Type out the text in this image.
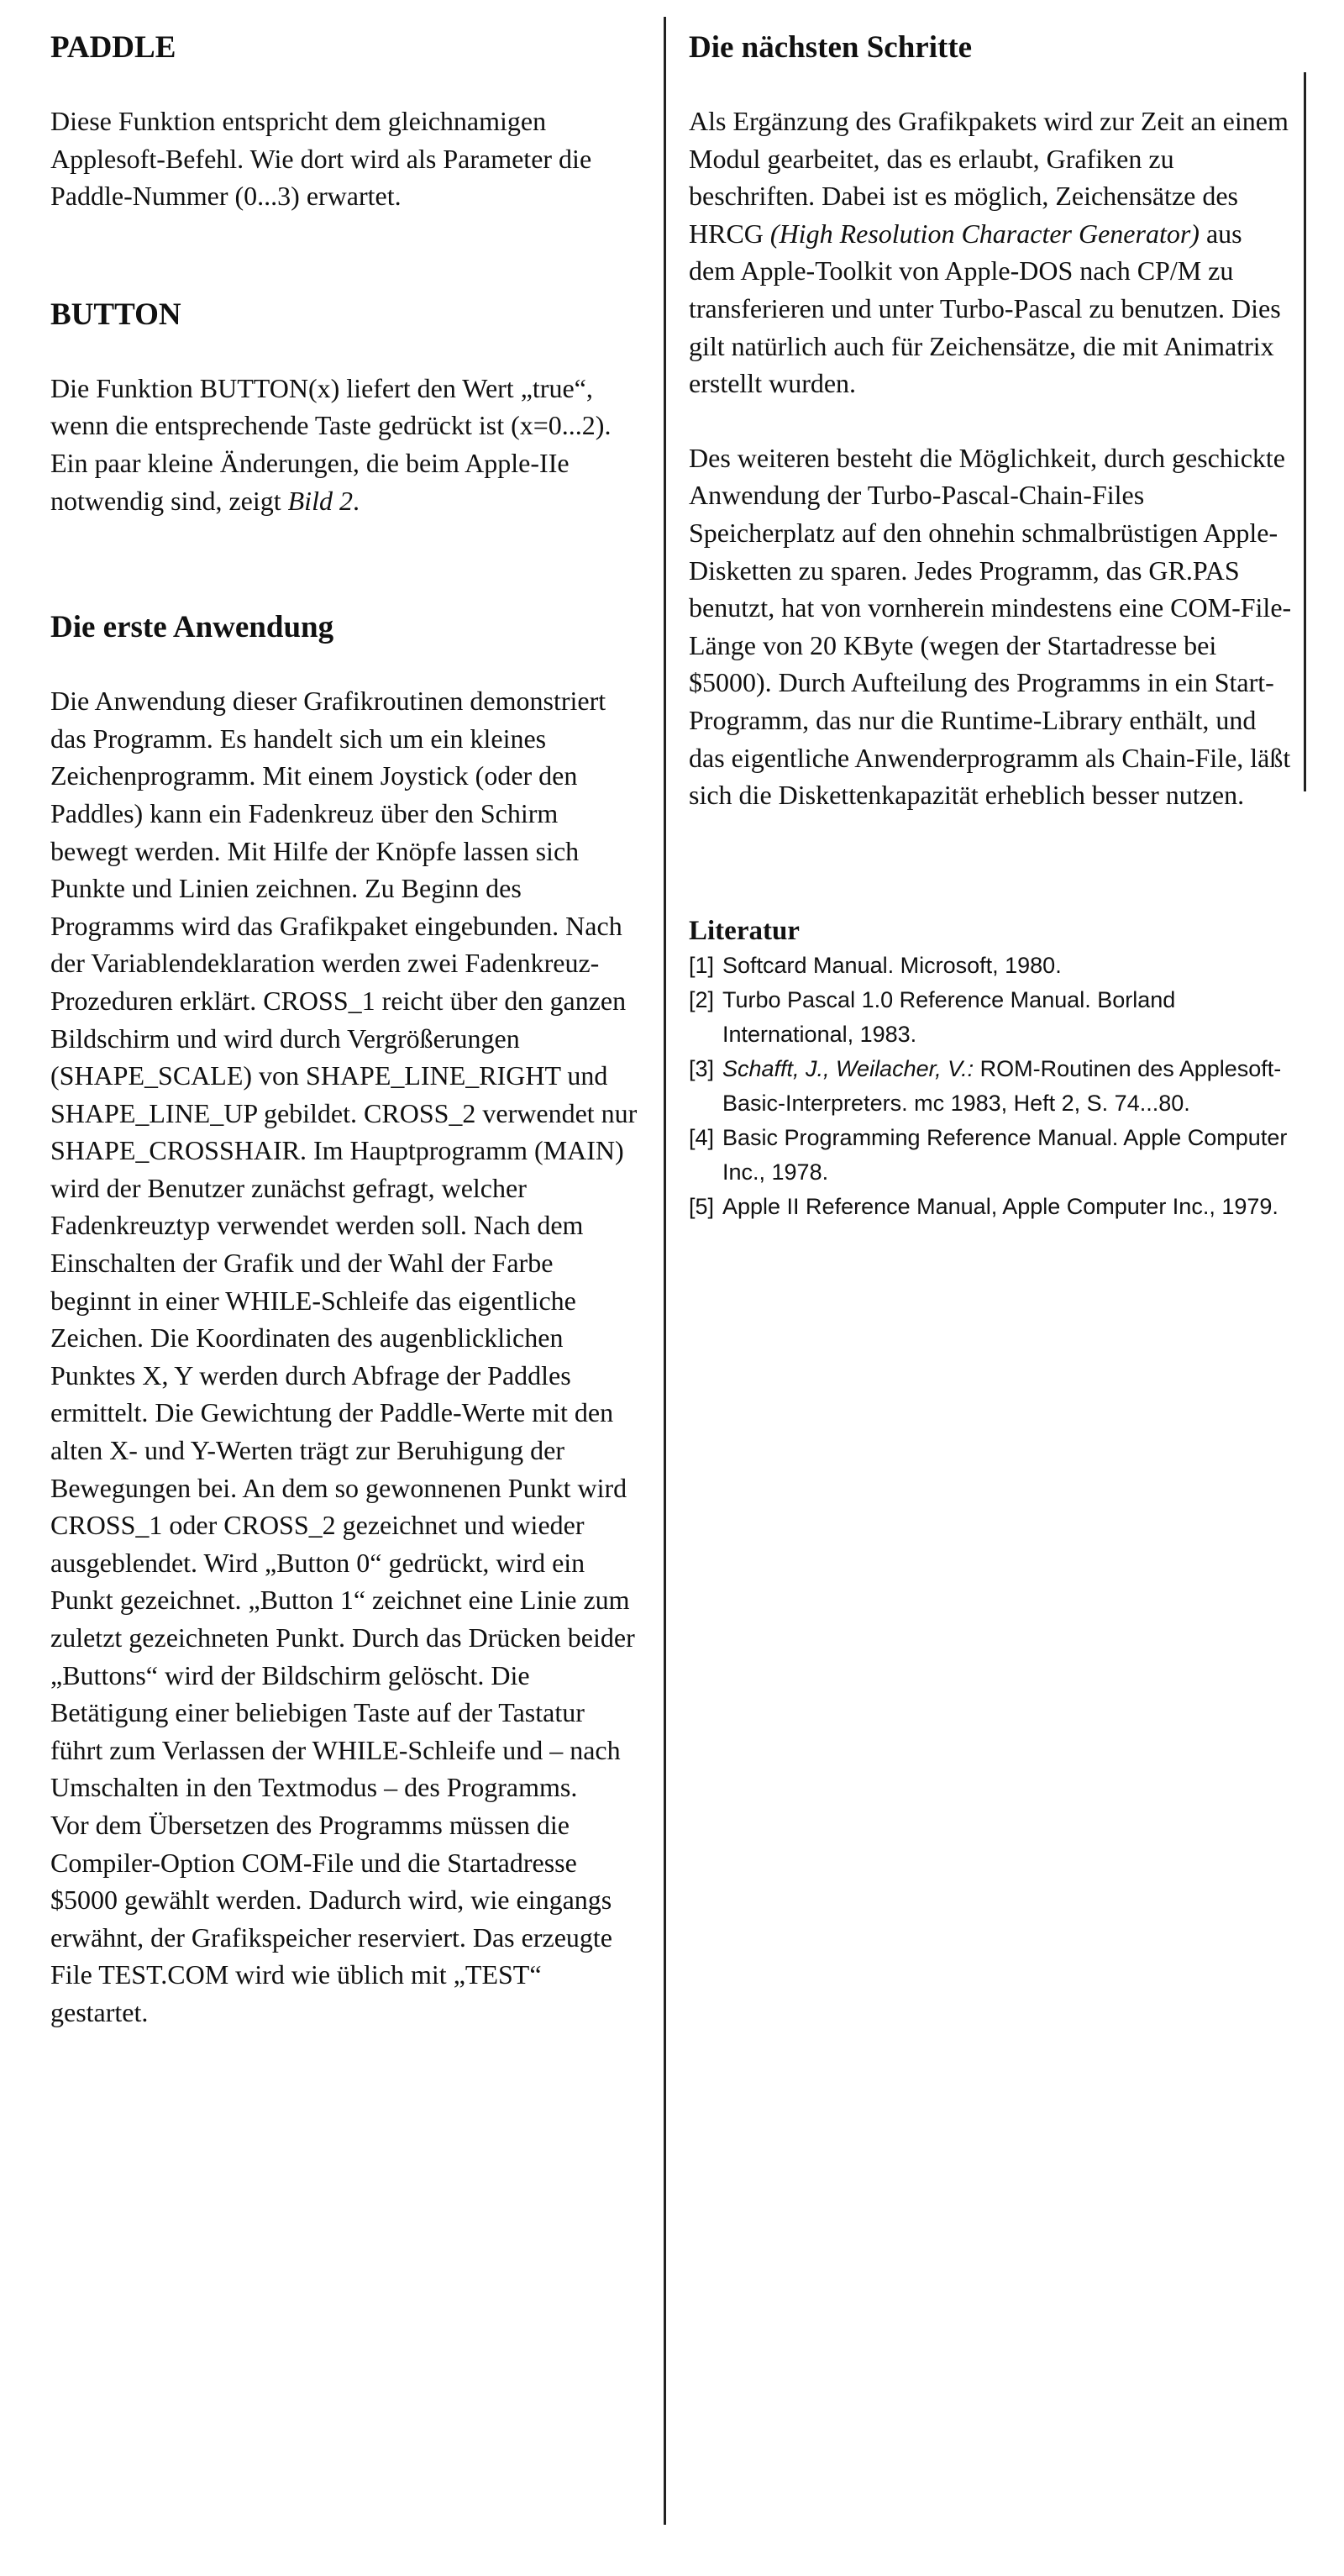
PADDLE

Diese Funktion entspricht dem gleichnamigen Applesoft-Befehl. Wie dort wird als Parameter die Paddle-Nummer (0...3) erwartet.

BUTTON

Die Funktion BUTTON(x) liefert den Wert „true“, wenn die entsprechende Taste gedrückt ist (x=0...2).

Ein paar kleine Änderungen, die beim Apple-IIe notwendig sind, zeigt Bild 2.

Die erste Anwendung

Die Anwendung dieser Grafikroutinen demonstriert das Programm. Es handelt sich um ein kleines Zeichenprogramm. Mit einem Joystick (oder den Paddles) kann ein Fadenkreuz über den Schirm bewegt werden. Mit Hilfe der Knöpfe lassen sich Punkte und Linien zeichnen. Zu Beginn des Programms wird das Grafikpaket eingebunden. Nach der Variablendeklaration werden zwei Fadenkreuz-Prozeduren erklärt. CROSS_1 reicht über den ganzen Bildschirm und wird durch Vergrößerungen (SHAPE_SCALE) von SHAPE_LINE_RIGHT und SHAPE_LINE_UP gebildet. CROSS_2 verwendet nur SHAPE_CROSSHAIR. Im Hauptprogramm (MAIN) wird der Benutzer zunächst gefragt, welcher Fadenkreuztyp verwendet werden soll. Nach dem Einschalten der Grafik und der Wahl der Farbe beginnt in einer WHILE-Schleife das eigentliche Zeichen. Die Koordinaten des augenblicklichen Punktes X, Y werden durch Abfrage der Paddles ermittelt. Die Gewichtung der Paddle-Werte mit den alten X- und Y-Werten trägt zur Beruhigung der Bewegungen bei. An dem so gewonnenen Punkt wird CROSS_1 oder CROSS_2 gezeichnet und wieder ausgeblendet. Wird „Button 0“ gedrückt, wird ein Punkt gezeichnet. „Button 1“ zeichnet eine Linie zum zuletzt gezeichneten Punkt. Durch das Drücken beider „Buttons“ wird der Bildschirm gelöscht. Die Betätigung einer beliebigen Taste auf der Tastatur führt zum Verlassen der WHILE-Schleife und – nach Umschalten in den Textmodus – des Programms.

Vor dem Übersetzen des Programms müssen die Compiler-Option COM-File und die Startadresse $5000 gewählt werden. Dadurch wird, wie eingangs erwähnt, der Grafikspeicher reserviert. Das erzeugte File TEST.COM wird wie üblich mit „TEST“ gestartet.

Die nächsten Schritte

Als Ergänzung des Grafikpakets wird zur Zeit an einem Modul gearbeitet, das es erlaubt, Grafiken zu beschriften. Dabei ist es möglich, Zeichensätze des HRCG (High Resolution Character Generator) aus dem Apple-Toolkit von Apple-DOS nach CP/M zu transferieren und unter Turbo-Pascal zu benutzen. Dies gilt natürlich auch für Zeichensätze, die mit Animatrix erstellt wurden.

Des weiteren besteht die Möglichkeit, durch geschickte Anwendung der Turbo-Pascal-Chain-Files Speicherplatz auf den ohnehin schmalbrüstigen Apple-Disketten zu sparen. Jedes Programm, das GR.PAS benutzt, hat von vornherein mindestens eine COM-File-Länge von 20 KByte (wegen der Startadresse bei $5000). Durch Aufteilung des Programms in ein Start-Programm, das nur die Runtime-Library enthält, und das eigentliche Anwenderprogramm als Chain-File, läßt sich die Diskettenkapazität erheblich besser nutzen.

Literatur
[1] Softcard Manual. Microsoft, 1980.
[2] Turbo Pascal 1.0 Reference Manual. Borland International, 1983.
[3] Schafft, J., Weilacher, V.: ROM-Routinen des Applesoft-Basic-Interpreters. mc 1983, Heft 2, S. 74...80.
[4] Basic Programming Reference Manual. Apple Computer Inc., 1978.
[5] Apple II Reference Manual, Apple Computer Inc., 1979.
